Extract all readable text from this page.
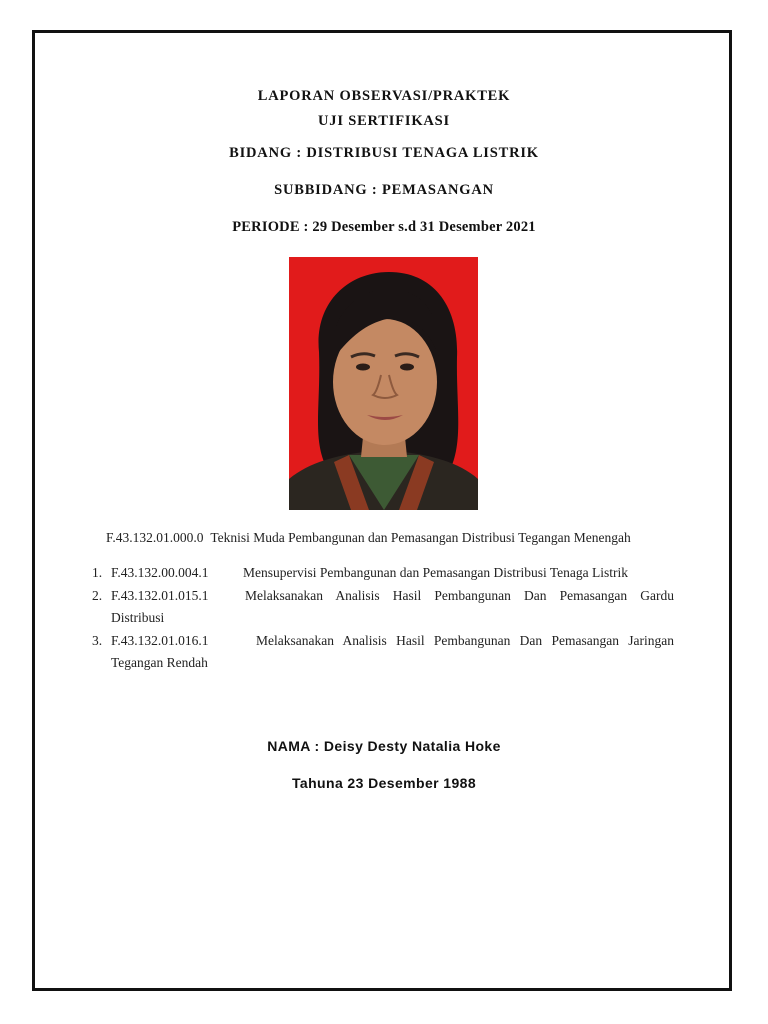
LAPORAN OBSERVASI/PRAKTEK
UJI SERTIFIKASI
BIDANG : DISTRIBUSI TENAGA LISTRIK
SUBBIDANG : PEMASANGAN
PERIODE : 29 Desember s.d 31 Desember 2021
F.43.132.01.000.0 Teknisi Muda Pembangunan dan Pemasangan Distribusi Tegangan Menengah
1. F.43.132.00.004.1	Mensupervisi Pembangunan dan Pemasangan Distribusi Tenaga Listrik
2. F.43.132.01.015.1	Melaksanakan Analisis Hasil Pembangunan Dan Pemasangan Gardu
Distribusi
3. F.43.132.01.016.1	Melaksanakan Analisis Hasil Pembangunan Dan Pemasangan Jaringan
Tegangan Rendah
NAMA : Deisy Desty Natalia Hoke
Tahuna 23 Desember 1988
